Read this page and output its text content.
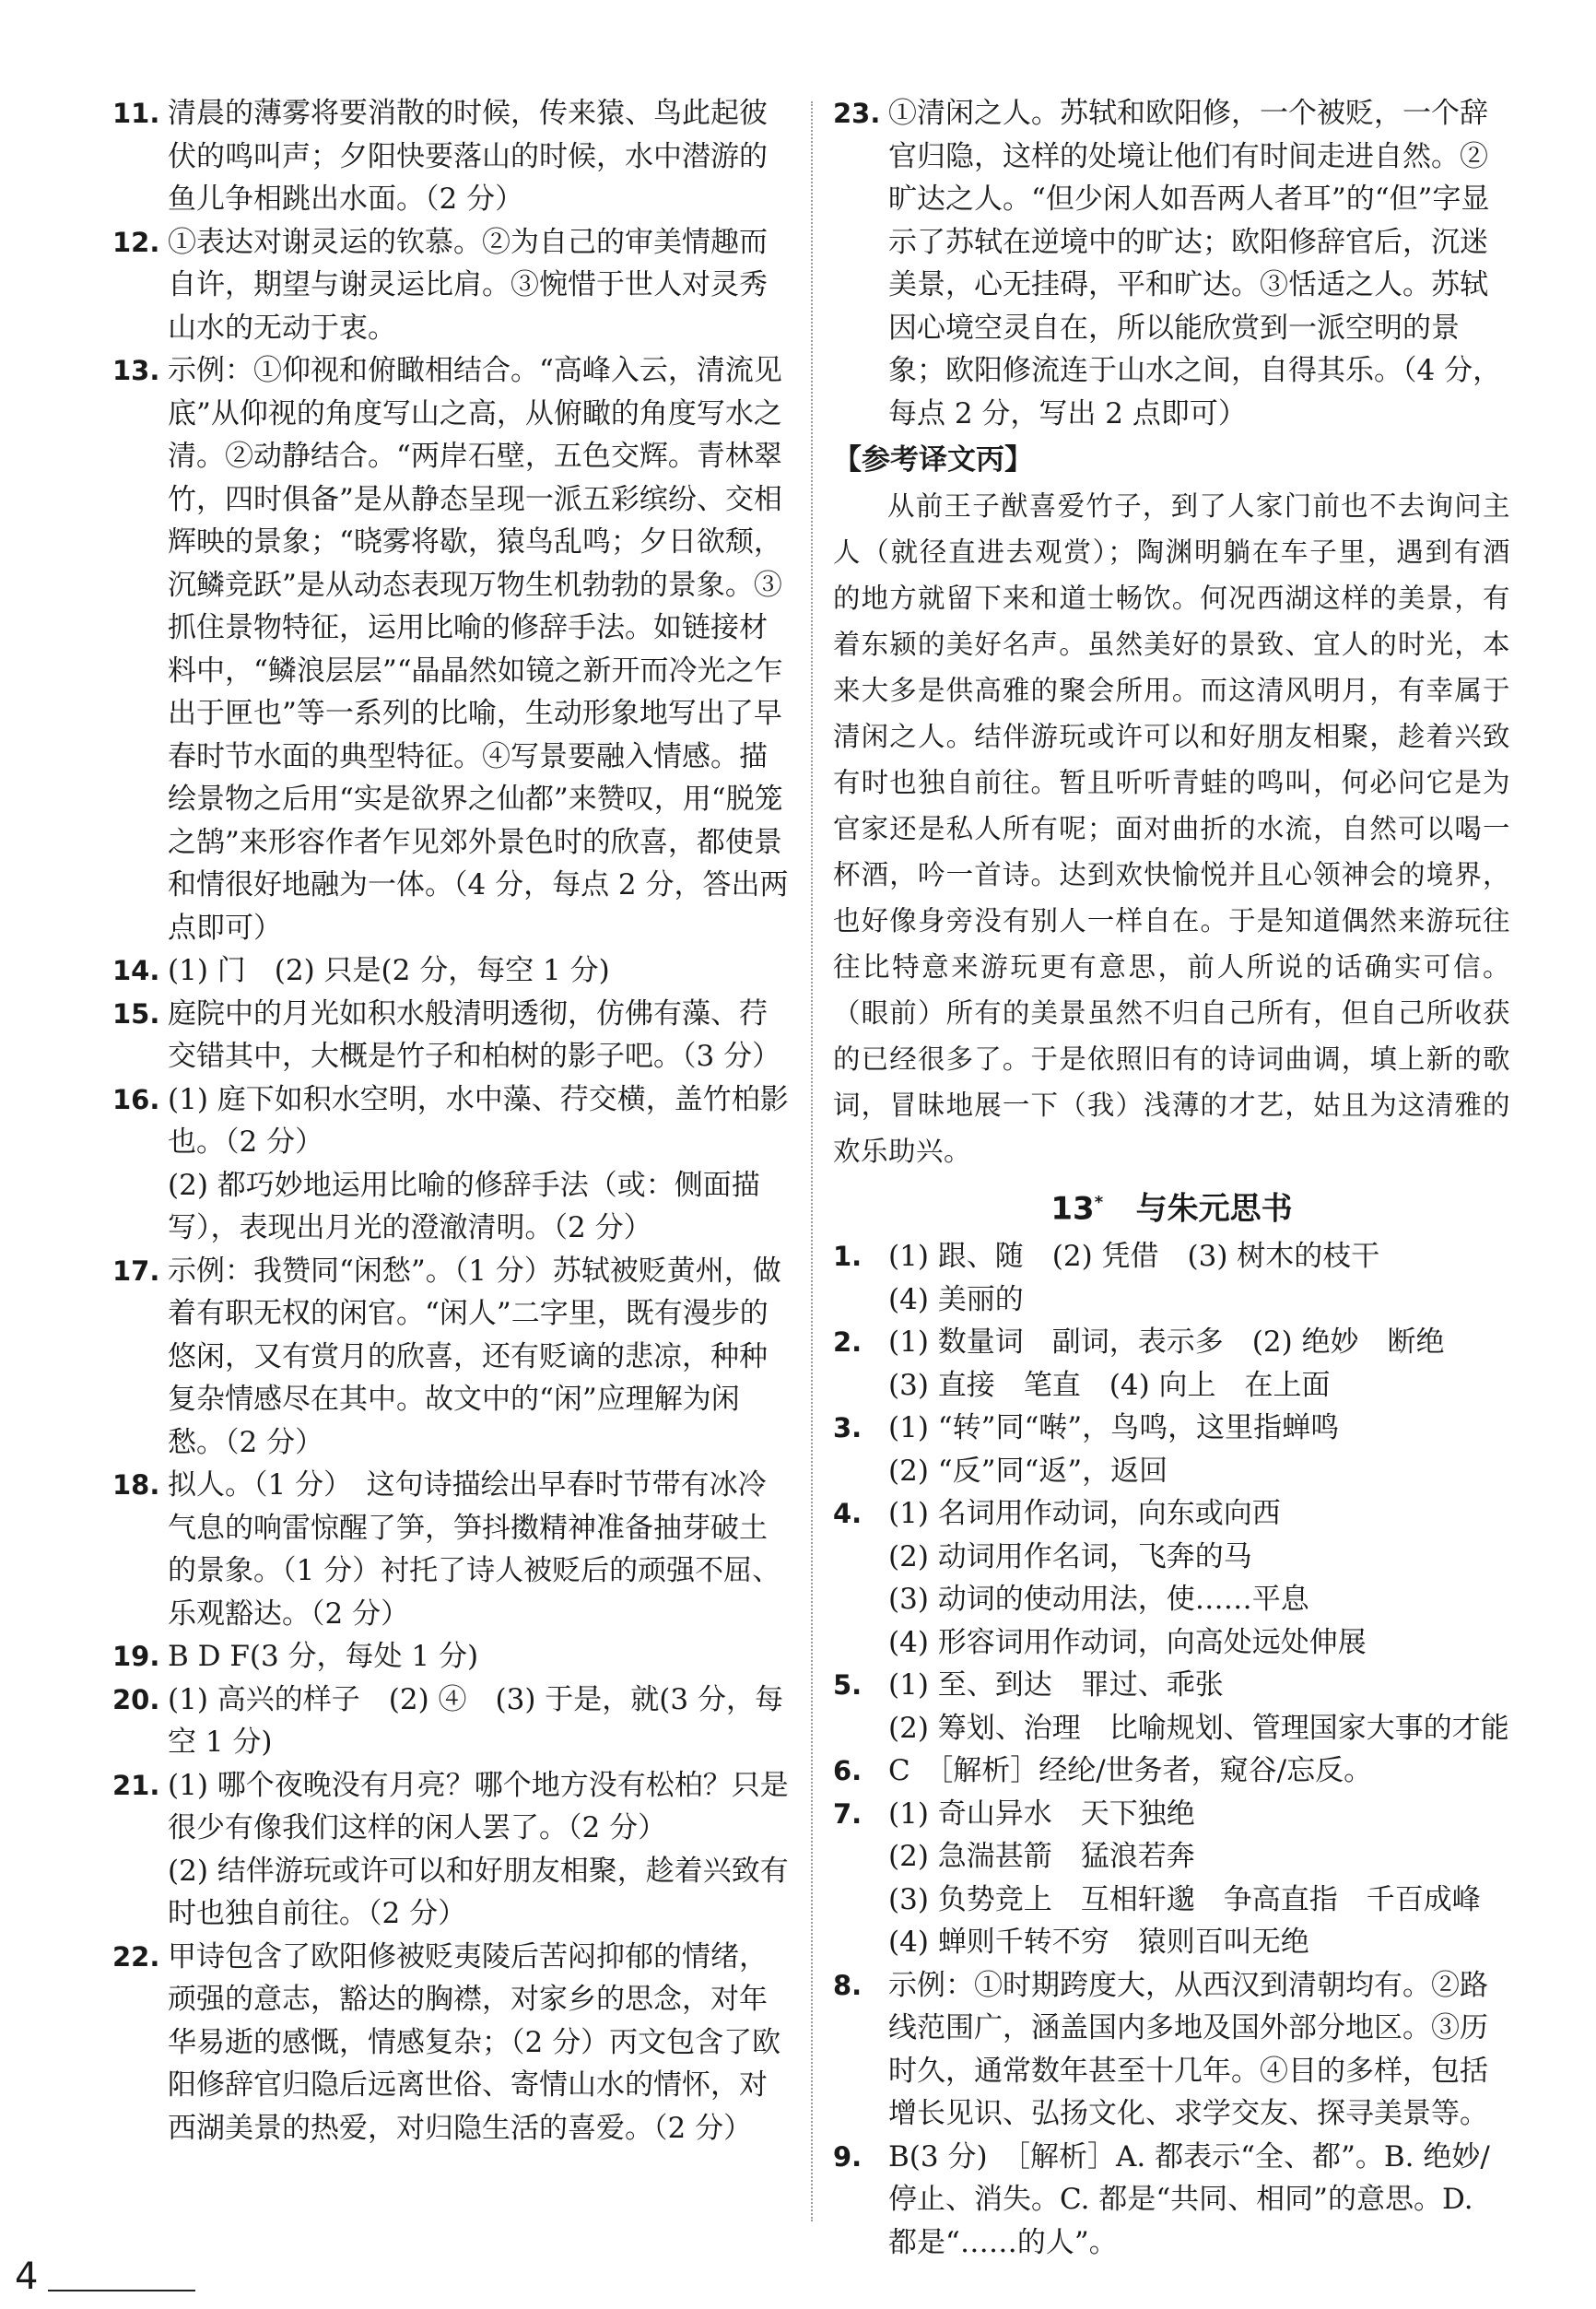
11. 清晨的薄雾将要消散的时候，传来猿、鸟此起彼伏的鸣叫声；夕阳快要落山的时候，水中潜游的鱼儿争相跳出水面。（2 分）
12. ①表达对谢灵运的钦慕。②为自己的审美情趣而自许，期望与谢灵运比肩。③惋惜于世人对灵秀山水的无动于衷。
13. 示例：①仰视和俯瞰相结合。“高峰入云，清流见底”从仰视的角度写山之高，从俯瞰的角度写水之清。②动静结合。“两岸石壁，五色交辉。青林翠竹，四时俱备”是从静态呈现一派五彩缤纷、交相辉映的景象；“晓雾将歇，猿鸟乱鸣；夕日欲颓，沉鳞竞跃”是从动态表现万物生机勃勃的景象。③抓住景物特征，运用比喻的修辞手法。如链接材料中，“鳞浪层层”“晶晶然如镜之新开而冷光之乍出于匣也”等一系列的比喻，生动形象地写出了早春时节水面的典型特征。④写景要融入情感。描绘景物之后用“实是欲界之仙都”来赞叹，用“脱笼之鹄”来形容作者乍见郊外景色时的欣喜，都使景和情很好地融为一体。（4 分，每点 2 分，答出两点即可）
14. (1) 门　(2) 只是(2 分，每空 1 分)
15. 庭院中的月光如积水般清明透彻，仿佛有藻、荇交错其中，大概是竹子和柏树的影子吧。（3 分）
16. (1) 庭下如积水空明，水中藻、荇交横，盖竹柏影也。（2 分）
(2) 都巧妙地运用比喻的修辞手法（或：侧面描写），表现出月光的澄澈清明。（2 分）
17. 示例：我赞同“闲愁”。（1 分）苏轼被贬黄州，做着有职无权的闲官。“闲人”二字里，既有漫步的悠闲，又有赏月的欣喜，还有贬谪的悲凉，种种复杂情感尽在其中。故文中的“闲”应理解为闲愁。（2 分）
18. 拟人。（1 分）　这句诗描绘出早春时节带有冰冷气息的响雷惊醒了笋，笋抖擞精神准备抽芽破土的景象。（1 分）衬托了诗人被贬后的顽强不屈、乐观豁达。（2 分）
19. B D F(3 分，每处 1 分)
20. (1) 高兴的样子　(2) ④　(3) 于是，就(3 分，每空 1 分)
21. (1) 哪个夜晚没有月亮？哪个地方没有松柏？只是很少有像我们这样的闲人罢了。（2 分）
(2) 结伴游玩或许可以和好朋友相聚，趁着兴致有时也独自前往。（2 分）
22. 甲诗包含了欧阳修被贬夷陵后苦闷抑郁的情绪，顽强的意志，豁达的胸襟，对家乡的思念，对年华易逝的感慨，情感复杂；（2 分）丙文包含了欧阳修辞官归隐后远离世俗、寄情山水的情怀，对西湖美景的热爱，对归隐生活的喜爱。（2 分）
23. ①清闲之人。苏轼和欧阳修，一个被贬，一个辞官归隐，这样的处境让他们有时间走进自然。②旷达之人。“但少闲人如吾两人者耳”的“但”字显示了苏轼在逆境中的旷达；欧阳修辞官后，沉迷美景，心无挂碍，平和旷达。③恬适之人。苏轼因心境空灵自在，所以能欣赏到一派空明的景象；欧阳修流连于山水之间，自得其乐。（4 分，每点 2 分，写出 2 点即可）
【参考译文丙】
从前王子猷喜爱竹子，到了人家门前也不去询问主人（就径直进去观赏）；陶渊明躺在车子里，遇到有酒的地方就留下来和道士畅饮。何况西湖这样的美景，有着东颍的美好名声。虽然美好的景致、宜人的时光，本来大多是供高雅的聚会所用。而这清风明月，有幸属于清闲之人。结伴游玩或许可以和好朋友相聚，趁着兴致有时也独自前往。暂且听听青蛙的鸣叫，何必问它是为官家还是私人所有呢；面对曲折的水流，自然可以喝一杯酒，吟一首诗。达到欢快愉悦并且心领神会的境界，也好像身旁没有别人一样自在。于是知道偶然来游玩往往比特意来游玩更有意思，前人所说的话确实可信。（眼前）所有的美景虽然不归自己所有，但自己所收获的已经很多了。于是依照旧有的诗词曲调，填上新的歌词，冒昧地展一下（我）浅薄的才艺，姑且为这清雅的欢乐助兴。
13* 与朱元思书
1. (1) 跟、随　(2) 凭借　(3) 树木的枝干
(4) 美丽的
2. (1) 数量词　副词，表示多　(2) 绝妙　断绝
(3) 直接　笔直　(4) 向上　在上面
3. (1) “转”同“啭”，鸟鸣，这里指蝉鸣
(2) “反”同“返”，返回
4. (1) 名词用作动词，向东或向西
(2) 动词用作名词，飞奔的马
(3) 动词的使动用法，使……平息
(4) 形容词用作动词，向高处远处伸展
5. (1) 至、到达　罪过、乖张
(2) 筹划、治理　比喻规划、管理国家大事的才能
6. C　［解析］经纶/世务者，窥谷/忘反。
7. (1) 奇山异水　天下独绝
(2) 急湍甚箭　猛浪若奔
(3) 负势竞上　互相轩邈　争高直指　千百成峰
(4) 蝉则千转不穷　猿则百叫无绝
8. 示例：①时期跨度大，从西汉到清朝均有。②路线范围广，涵盖国内多地及国外部分地区。③历时久，通常数年甚至十几年。④目的多样，包括增长见识、弘扬文化、求学交友、探寻美景等。
9. B(3 分)　［解析］A. 都表示“全、都”。B. 绝妙/停止、消失。C. 都是“共同、相同”的意思。D. 都是“……的人”。
4
